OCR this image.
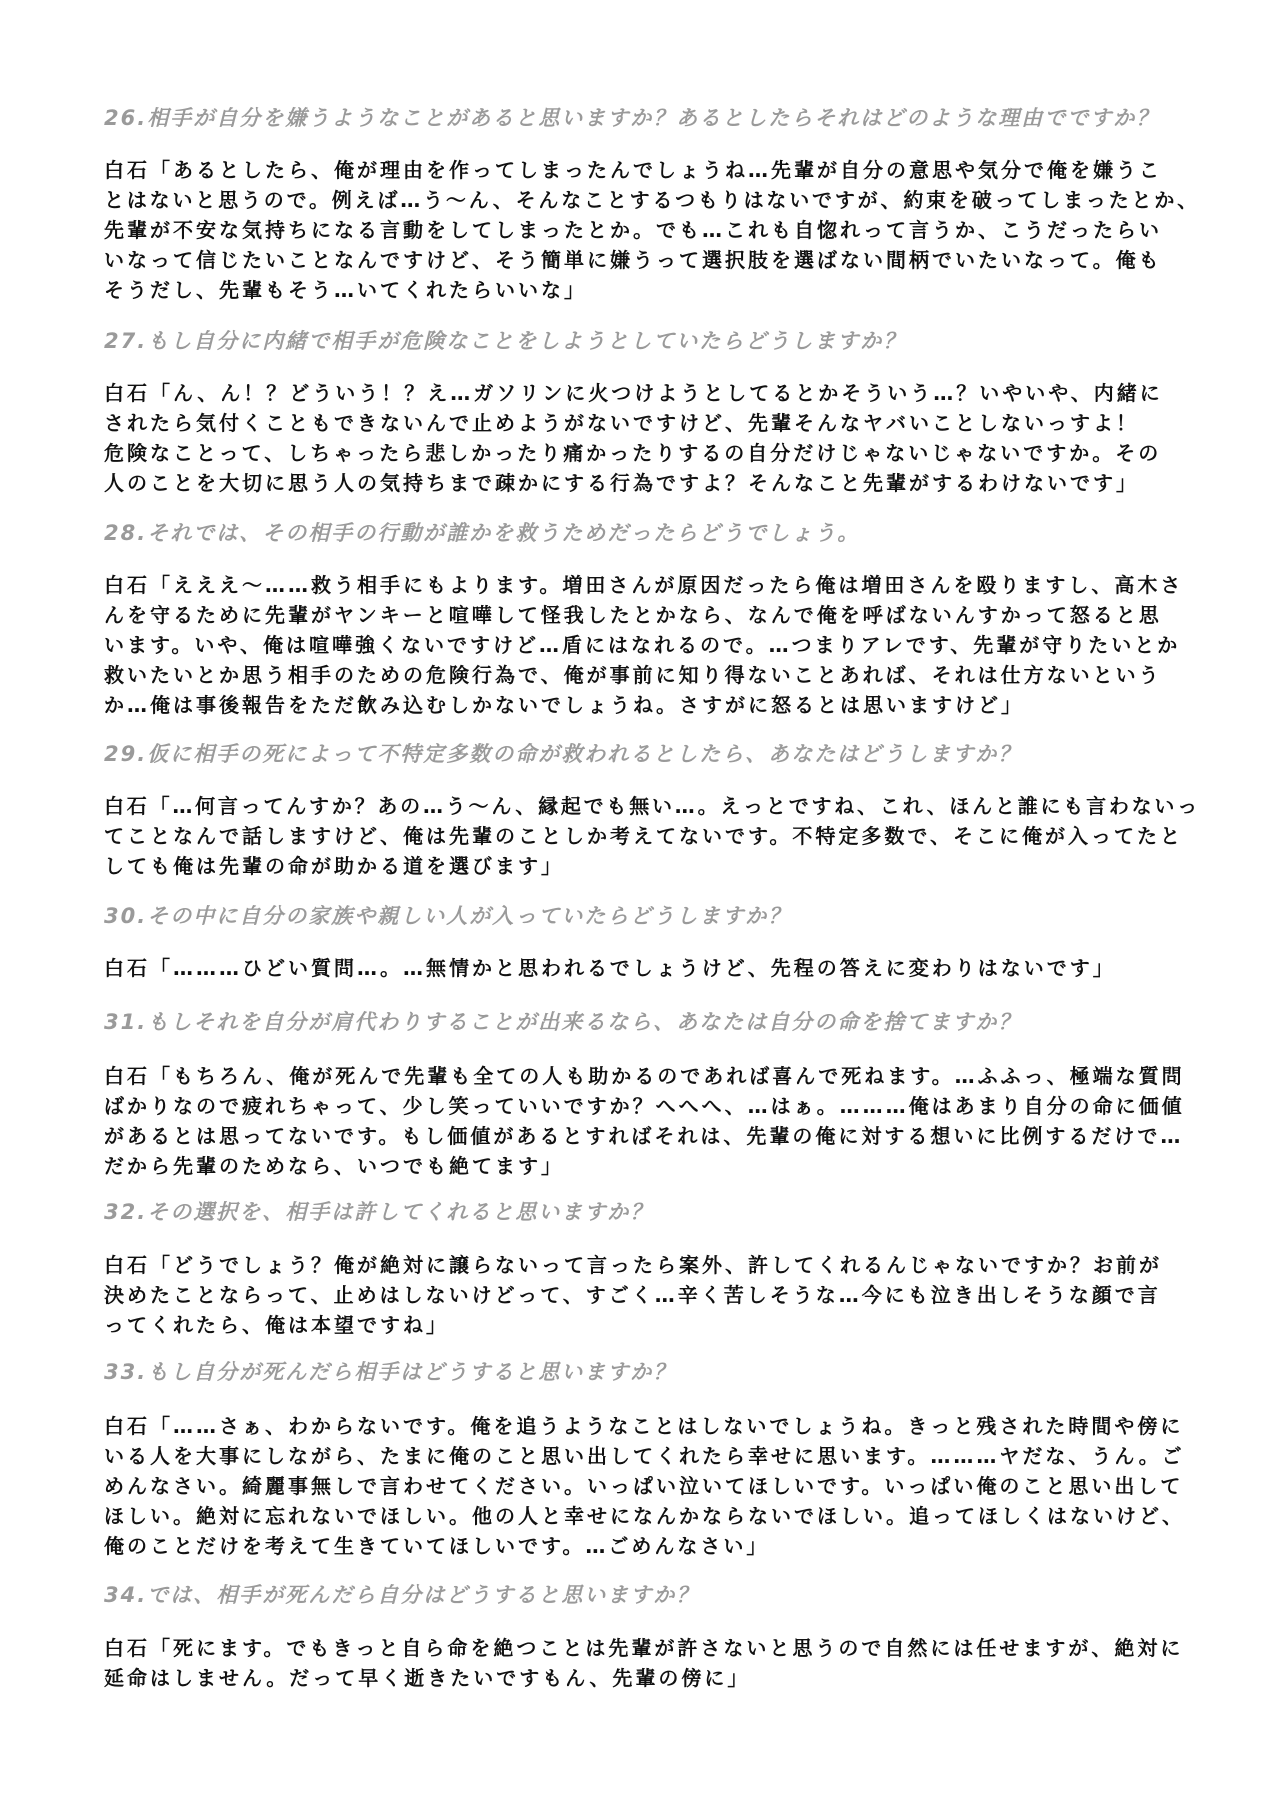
26.相手が自分を嫌うようなことがあると思いますか？あるとしたらそれはどのような理由でですか？

白石「あるとしたら、俺が理由を作ってしまったんでしょうね…先輩が自分の意思や気分で俺を嫌うこ
とはないと思うので。例えば…う～ん、そんなことするつもりはないですが、約束を破ってしまったとか、
先輩が不安な気持ちになる言動をしてしまったとか。でも…これも自惚れって言うか、こうだったらい
いなって信じたいことなんですけど、そう簡単に嫌うって選択肢を選ばない間柄でいたいなって。俺も
そうだし、先輩もそう…いてくれたらいいな」

27.もし自分に内緒で相手が危険なことをしようとしていたらどうしますか？

白石「ん、ん！？どういう！？え…ガソリンに火つけようとしてるとかそういう…？いやいや、内緒に
されたら気付くこともできないんで止めようがないですけど、先輩そんなヤバいことしないっすよ！
危険なことって、しちゃったら悲しかったり痛かったりするの自分だけじゃないじゃないですか。その
人のことを大切に思う人の気持ちまで疎かにする行為ですよ？そんなこと先輩がするわけないです」

28.それでは、その相手の行動が誰かを救うためだったらどうでしょう。

白石「えええ～……救う相手にもよります。増田さんが原因だったら俺は増田さんを殴りますし、高木さ
んを守るために先輩がヤンキーと喧嘩して怪我したとかなら、なんで俺を呼ばないんすかって怒ると思
います。いや、俺は喧嘩強くないですけど…盾にはなれるので。…つまりアレです、先輩が守りたいとか
救いたいとか思う相手のための危険行為で、俺が事前に知り得ないことあれば、それは仕方ないという
か…俺は事後報告をただ飲み込むしかないでしょうね。さすがに怒るとは思いますけど」

29.仮に相手の死によって不特定多数の命が救われるとしたら、あなたはどうしますか？

白石「…何言ってんすか？あの…う～ん、縁起でも無い…。えっとですね、これ、ほんと誰にも言わないっ
てことなんで話しますけど、俺は先輩のことしか考えてないです。不特定多数で、そこに俺が入ってたと
しても俺は先輩の命が助かる道を選びます」

30.その中に自分の家族や親しい人が入っていたらどうしますか？

白石「………ひどい質問…。…無情かと思われるでしょうけど、先程の答えに変わりはないです」

31.もしそれを自分が肩代わりすることが出来るなら、あなたは自分の命を捨てますか？

白石「もちろん、俺が死んで先輩も全ての人も助かるのであれば喜んで死ねます。…ふふっ、極端な質問
ばかりなので疲れちゃって、少し笑っていいですか？へへへ、…はぁ。………俺はあまり自分の命に価値
があるとは思ってないです。もし価値があるとすればそれは、先輩の俺に対する想いに比例するだけで…
だから先輩のためなら、いつでも絶てます」

32.その選択を、相手は許してくれると思いますか？

白石「どうでしょう？俺が絶対に譲らないって言ったら案外、許してくれるんじゃないですか？お前が
決めたことならって、止めはしないけどって、すごく…辛く苦しそうな…今にも泣き出しそうな顔で言
ってくれたら、俺は本望ですね」

33.もし自分が死んだら相手はどうすると思いますか？

白石「……さぁ、わからないです。俺を追うようなことはしないでしょうね。きっと残された時間や傍に
いる人を大事にしながら、たまに俺のこと思い出してくれたら幸せに思います。………ヤだな、うん。ご
めんなさい。綺麗事無しで言わせてください。いっぱい泣いてほしいです。いっぱい俺のこと思い出して
ほしい。絶対に忘れないでほしい。他の人と幸せになんかならないでほしい。追ってほしくはないけど、
俺のことだけを考えて生きていてほしいです。…ごめんなさい」

34.では、相手が死んだら自分はどうすると思いますか？

白石「死にます。でもきっと自ら命を絶つことは先輩が許さないと思うので自然には任せますが、絶対に
延命はしません。だって早く逝きたいですもん、先輩の傍に」
